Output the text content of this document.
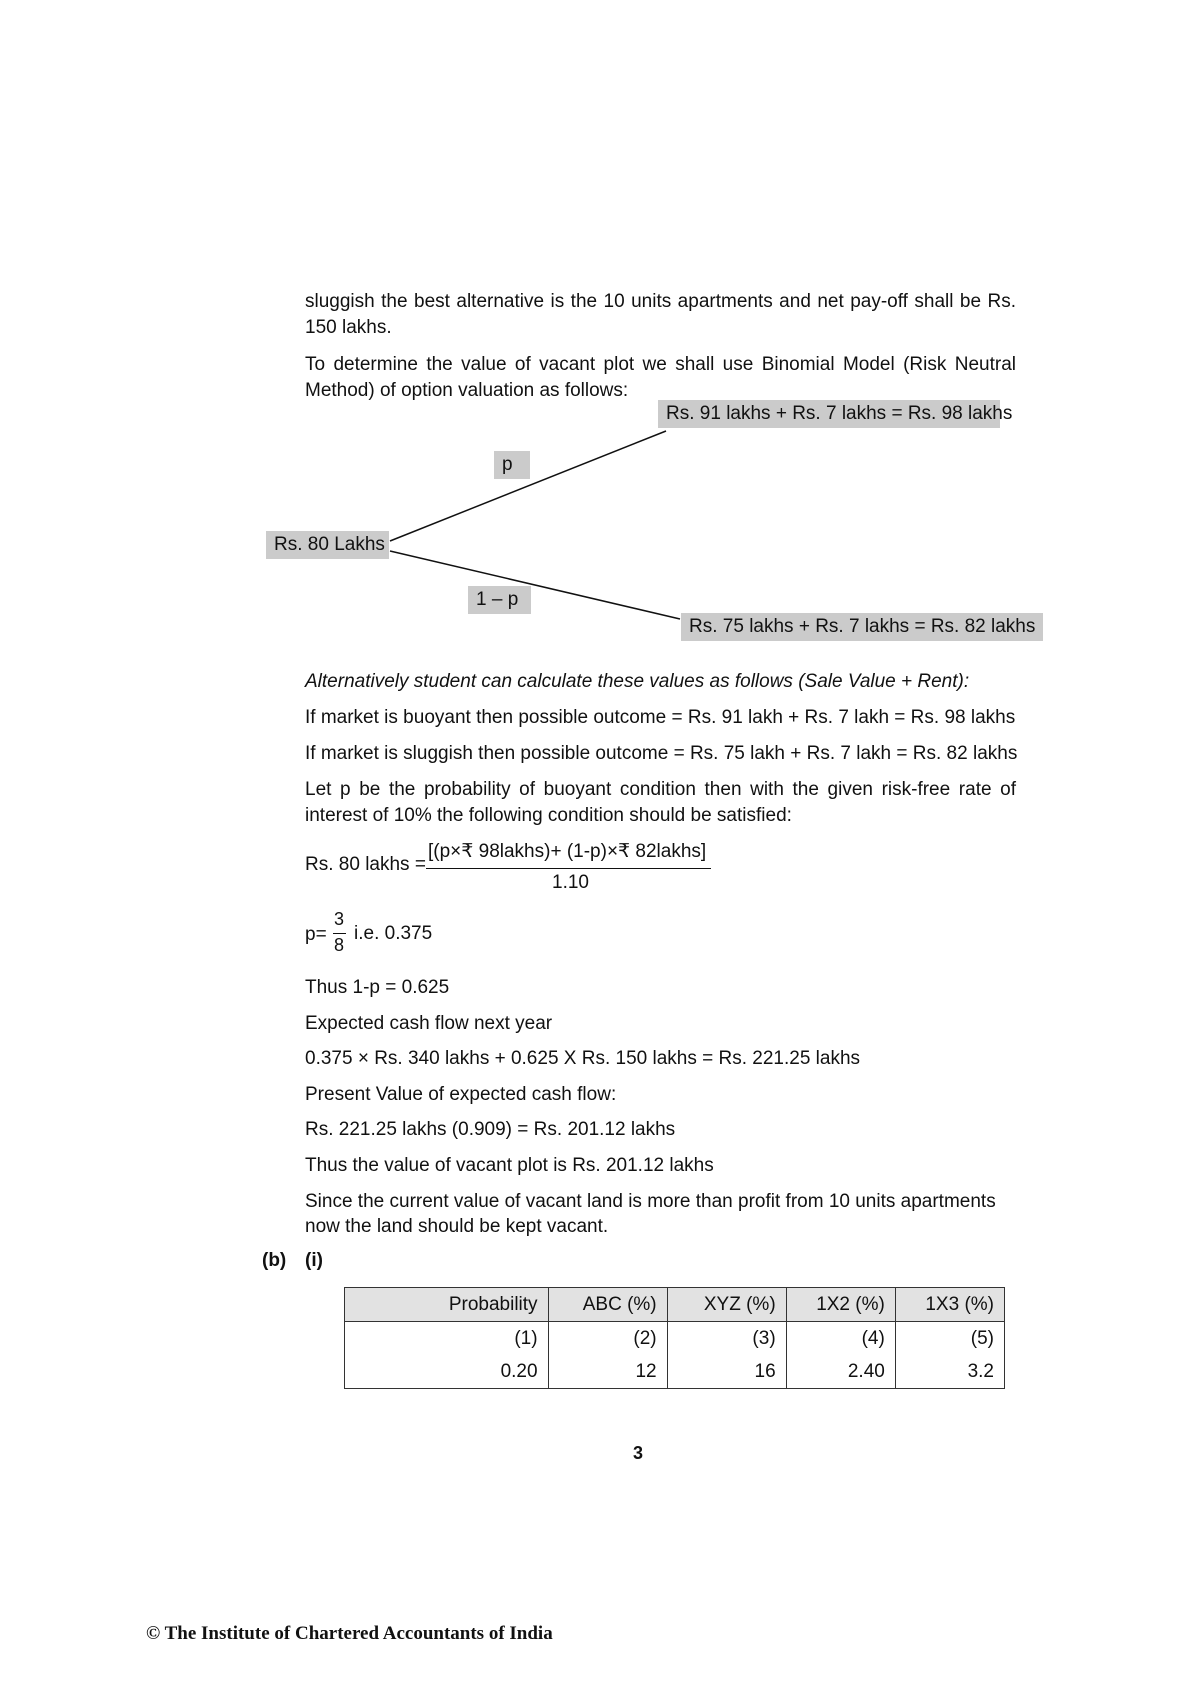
sluggish the best alternative is the 10 units apartments and net pay-off shall be Rs. 150 lakhs.
To determine the value of vacant plot we shall use Binomial Model (Risk Neutral Method) of option valuation as follows:
Rs. 91 lakhs + Rs. 7 lakhs = Rs. 98 lakhs
p
Rs. 80 Lakhs
1 – p
Rs. 75 lakhs + Rs. 7 lakhs = Rs. 82 lakhs
Alternatively student can calculate these values as follows (Sale Value + Rent):
If market is buoyant then possible outcome = Rs. 91 lakh + Rs. 7 lakh = Rs. 98 lakhs
If market is sluggish then possible outcome = Rs. 75 lakh + Rs. 7 lakh = Rs. 82 lakhs
Let p be the probability of buoyant condition then with the given risk-free rate of interest of 10% the following condition should be satisfied:
Rs. 80 lakhs =
[(p×₹ 98lakhs)+ (1-p)×₹ 82lakhs]
1.10
p=
3
8
i.e. 0.375
Thus 1-p = 0.625
Expected cash flow next year
0.375 × Rs. 340 lakhs + 0.625 X Rs. 150 lakhs = Rs. 221.25 lakhs
Present Value of expected cash flow:
Rs. 221.25 lakhs (0.909) = Rs. 201.12 lakhs
Thus the value of vacant plot is Rs. 201.12 lakhs
Since the current value of vacant land is more than profit from 10 units apartments now the land should be kept vacant.
(b) (i)
Probability	ABC (%)	XYZ (%)	1X2 (%)	1X3 (%)
(1)	(2)	(3)	(4)	(5)
0.20	12	16	2.40	3.2
3
© The Institute of Chartered Accountants of India
